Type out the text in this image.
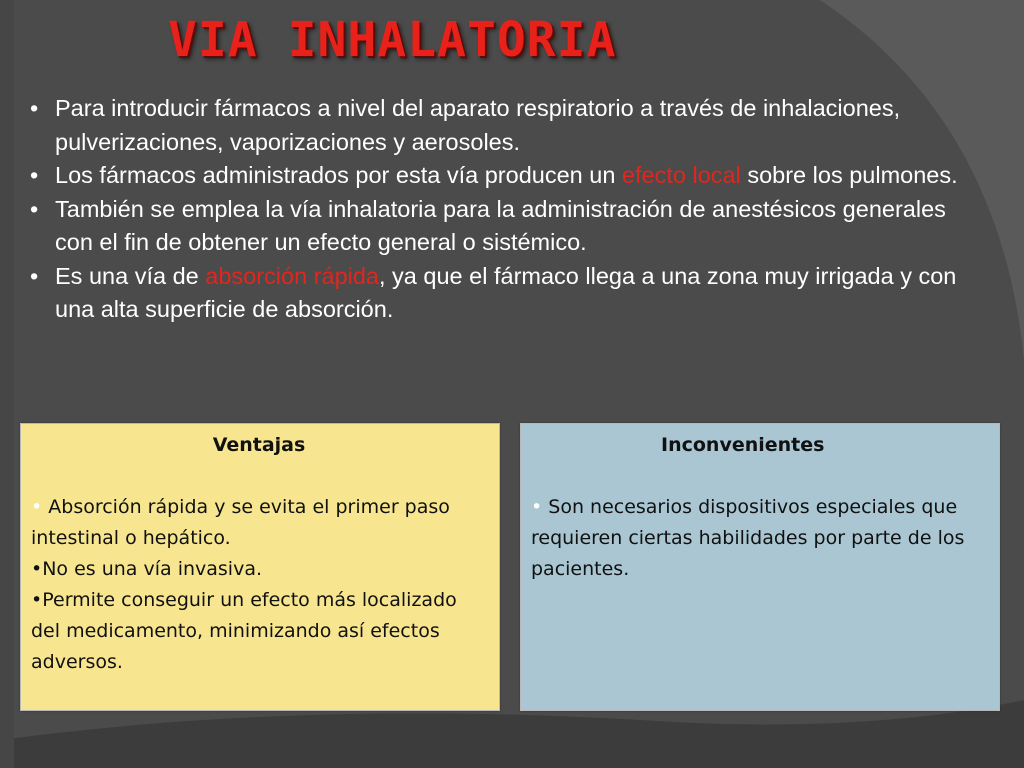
VIA INHALATORIA
• Para introducir fármacos a nivel del aparato respiratorio a través de inhalaciones, pulverizaciones, vaporizaciones y aerosoles.
• Los fármacos administrados por esta vía producen un efecto local sobre los pulmones.
• También se emplea la vía inhalatoria para la administración de anestésicos generales con el fin de obtener un efecto general o sistémico.
• Es una vía de absorción rápida, ya que el fármaco llega a una zona muy irrigada y con una alta superficie de absorción.
Ventajas

• Absorción rápida y se evita el primer paso intestinal o hepático.

•No es una vía invasiva.

•Permite conseguir un efecto más localizado del medicamento, minimizando así efectos adversos.

Inconvenientes

• Son necesarios dispositivos especiales que requieren ciertas habilidades por parte de los pacientes.
